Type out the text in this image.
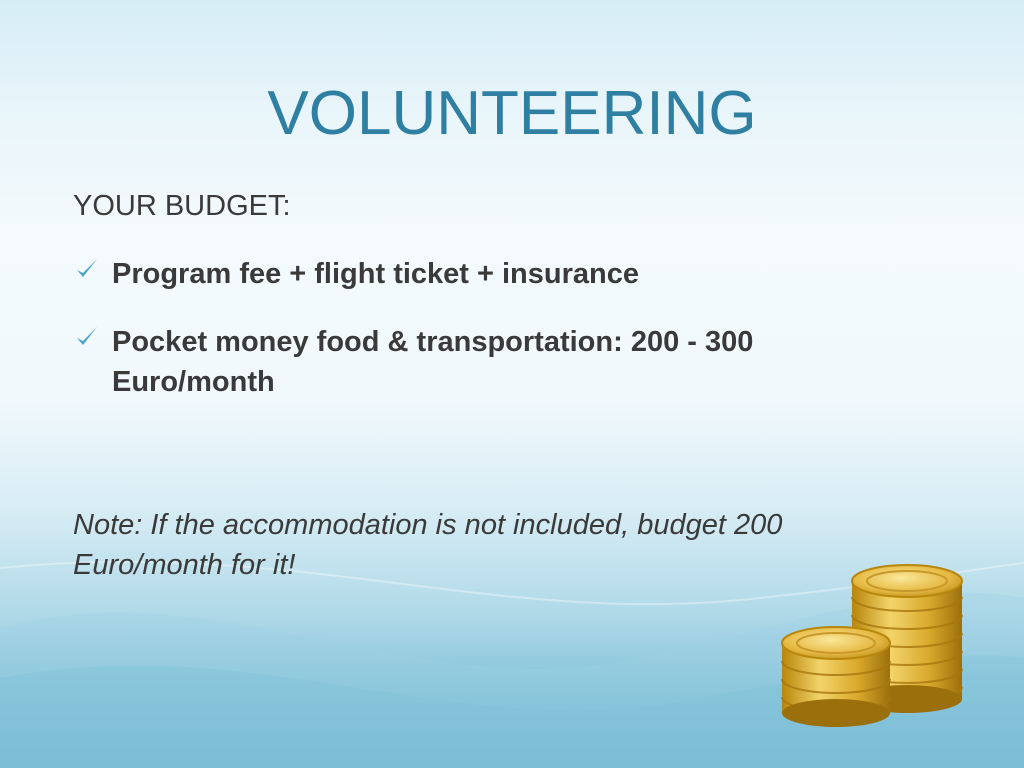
VOLUNTEERING
YOUR BUDGET:
Program fee + flight ticket + insurance
Pocket money food & transportation: 200 - 300 Euro/month
Note: If the accommodation is not included, budget 200 Euro/month for it!
